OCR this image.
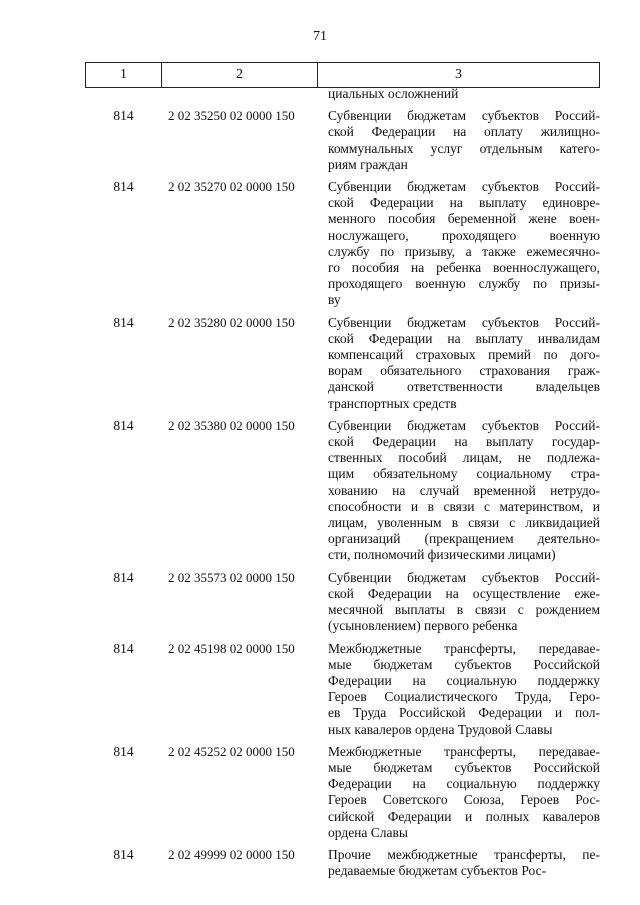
71
1	2	3
циальных осложнений
814	2 02 35250 02 0000 150	Субвенции бюджетам субъектов Россий-
ской Федерации на оплату жилищно-
коммунальных услуг отдельным катего-
риям граждан
814	2 02 35270 02 0000 150	Субвенции бюджетам субъектов Россий-
ской Федерации на выплату единовре-
менного пособия беременной жене воен-
нослужащего, проходящего военную
службу по призыву, а также ежемесячно-
го пособия на ребенка военнослужащего,
проходящего военную службу по призы-
ву
814	2 02 35280 02 0000 150	Субвенции бюджетам субъектов Россий-
ской Федерации на выплату инвалидам
компенсаций страховых премий по дого-
ворам обязательного страхования граж-
данской ответственности владельцев
транспортных средств
814	2 02 35380 02 0000 150	Субвенции бюджетам субъектов Россий-
ской Федерации на выплату государ-
ственных пособий лицам, не подлежа-
щим обязательному социальному стра-
хованию на случай временной нетрудо-
способности и в связи с материнством, и
лицам, уволенным в связи с ликвидацией
организаций (прекращением деятельно-
сти, полномочий физическими лицами)
814	2 02 35573 02 0000 150	Субвенции бюджетам субъектов Россий-
ской Федерации на осуществление еже-
месячной выплаты в связи с рождением
(усыновлением) первого ребенка
814	2 02 45198 02 0000 150	Межбюджетные трансферты, передавае-
мые бюджетам субъектов Российской
Федерации на социальную поддержку
Героев Социалистического Труда, Геро-
ев Труда Российской Федерации и пол-
ных кавалеров ордена Трудовой Славы
814	2 02 45252 02 0000 150	Межбюджетные трансферты, передавае-
мые бюджетам субъектов Российской
Федерации на социальную поддержку
Героев Советского Союза, Героев Рос-
сийской Федерации и полных кавалеров
ордена Славы
814	2 02 49999 02 0000 150	Прочие межбюджетные трансферты, пе-
редаваемые бюджетам субъектов Рос-
